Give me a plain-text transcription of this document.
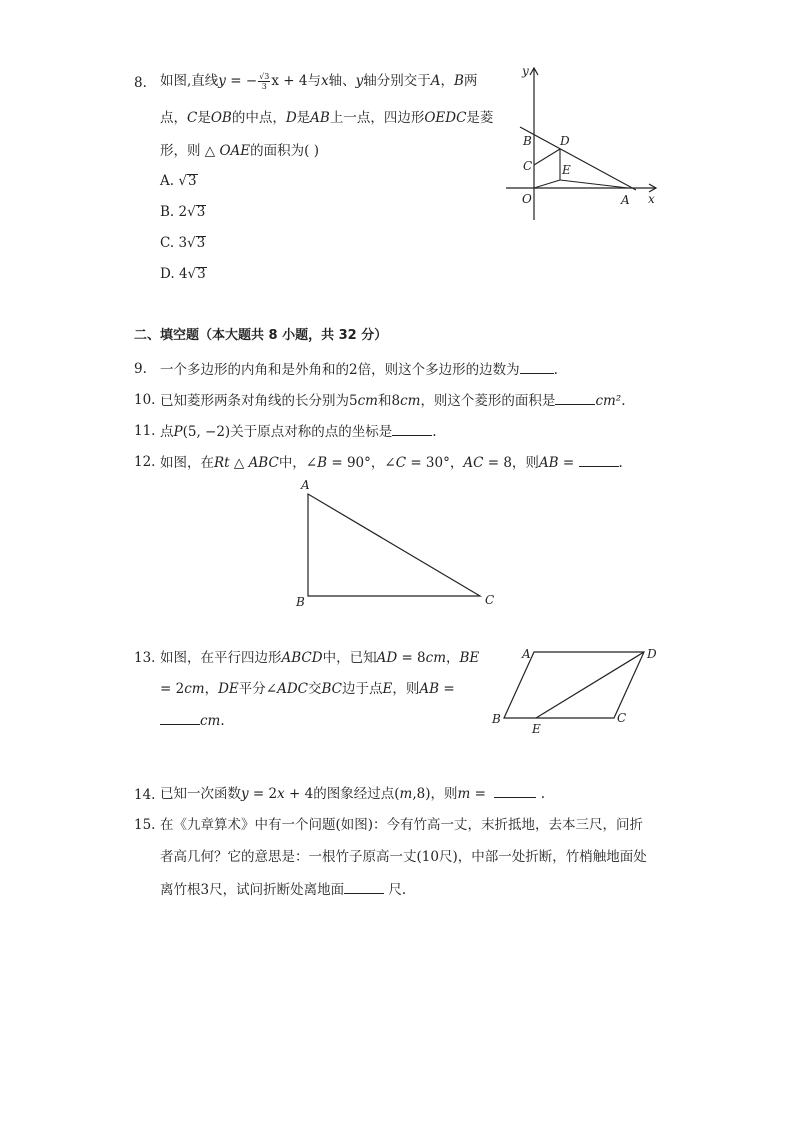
8. 如图,直线y = − $\frac{√3}{3}$ x + 4与x轴、y轴分别交于A，B两
点，C是OB的中点，D是AB上一点，四边形OEDC是菱
形，则 △ OAE的面积为( )
A. √3
B. 2√3
C. 3√3
D. 4√3
y
x
B D
C E
O	A
二、填空题（本大题共 8 小题，共 32 分）
9. 一个多边形的内角和是外角和的2倍，则这个多边形的边数为	.
10. 已知菱形两条对角线的长分别为5cm和8cm，则这个菱形的面积是	cm².
11. 点P(5, −2)关于原点对称的点的坐标是	.
12. 如图，在Rt △ ABC中，∠B = 90°，∠C = 30°，AC = 8，则AB =	.
A
B	C
13. 如图，在平行四边形ABCD中，已知AD = 8cm，BE
= 2cm，DE平分∠ADC交BC边于点E，则AB =
cm.
A	D
B
E
C
14. 已知一次函数y = 2x + 4的图象经过点(m,8)，则m =	.
15. 在《九章算术》中有一个问题(如图)：今有竹高一丈，末折抵地，去本三尺，问折
者高几何？它的意思是：一根竹子原高一丈(10尺)，中部一处折断，竹梢触地面处
离竹根3尺，试问折断处离地面	尺.
